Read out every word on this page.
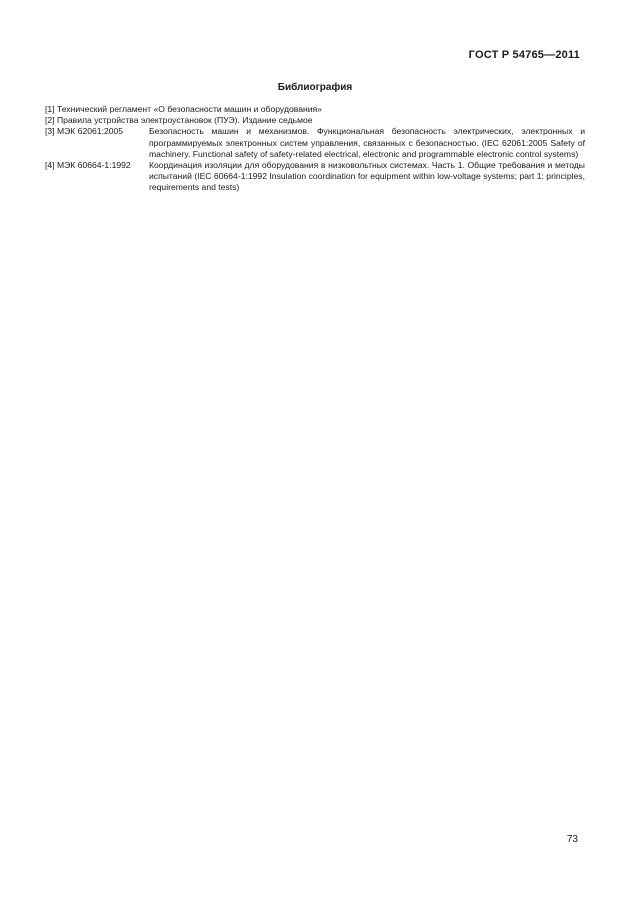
ГОСТ Р 54765—2011
Библиография
[1] Технический регламент «О безопасности машин и оборудования»
[2] Правила устройства электроустановок (ПУЭ). Издание седьмое
[3] МЭК 62061:2005	Безопасность машин и механизмов. Функциональная безопасность электрических, электронных и программируемых электронных систем управления, связанных с безопасностью. (IEC 62061:2005 Safety of machinery. Functional safety of safety-related electrical, electronic and programmable electronic control systems)
[4] МЭК 60664-1:1992	Координация изоляции для оборудования в низковольтных системах. Часть 1. Общие требования и методы испытаний (IEC 60664-1:1992 Insulation coordination for equipment within low-voltage systems; part 1: principles, requirements and tests)
73
